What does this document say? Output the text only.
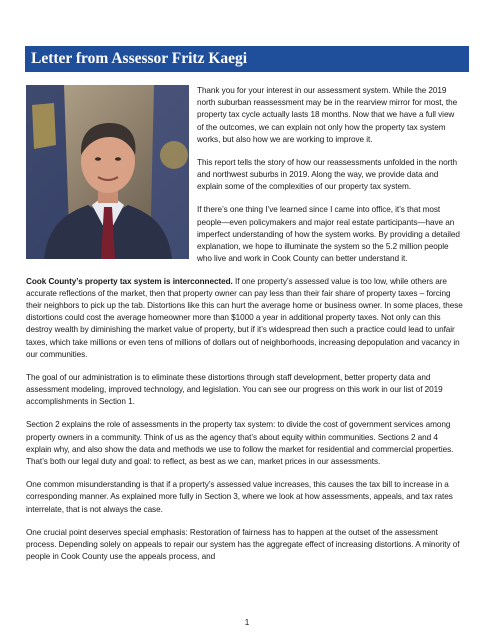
Letter from Assessor Fritz Kaegi

Thank you for your interest in our assessment system. While the 2019 north suburban reassessment may be in the rearview mirror for most, the property tax cycle actually lasts 18 months. Now that we have a full view of the outcomes, we can explain not only how the property tax system works, but also how we are working to improve it.

This report tells the story of how our reassessments unfolded in the north and northwest suburbs in 2019. Along the way, we provide data and explain some of the complexities of our property tax system.

If there’s one thing I’ve learned since I came into office, it’s that most people—even policymakers and major real estate participants—have an imperfect understanding of how the system works. By providing a detailed explanation, we hope to illuminate the system so the 5.2 million people who live and work in Cook County can better understand it.

Cook County’s property tax system is interconnected. If one property’s assessed value is too low, while others are accurate reflections of the market, then that property owner can pay less than their fair share of property taxes – forcing their neighbors to pick up the tab. Distortions like this can hurt the average home or business owner. In some places, these distortions could cost the average homeowner more than $1000 a year in additional property taxes. Not only can this destroy wealth by diminishing the market value of property, but if it’s widespread then such a practice could lead to unfair taxes, which take millions or even tens of millions of dollars out of neighborhoods, increasing depopulation and vacancy in our communities.

The goal of our administration is to eliminate these distortions through staff development, better property data and assessment modeling, improved technology, and legislation. You can see our progress on this work in our list of 2019 accomplishments in Section 1.

Section 2 explains the role of assessments in the property tax system: to divide the cost of government services among property owners in a community. Think of us as the agency that’s about equity within communities. Sections 2 and 4 explain why, and also show the data and methods we use to follow the market for residential and commercial properties. That’s both our legal duty and goal: to reflect, as best as we can, market prices in our assessments.

One common misunderstanding is that if a property’s assessed value increases, this causes the tax bill to increase in a corresponding manner. As explained more fully in Section 3, where we look at how assessments, appeals, and tax rates interrelate, that is not always the case.

One crucial point deserves special emphasis: Restoration of fairness has to happen at the outset of the assessment process. Depending solely on appeals to repair our system has the aggregate effect of increasing distortions. A minority of people in Cook County use the appeals process, and

1
